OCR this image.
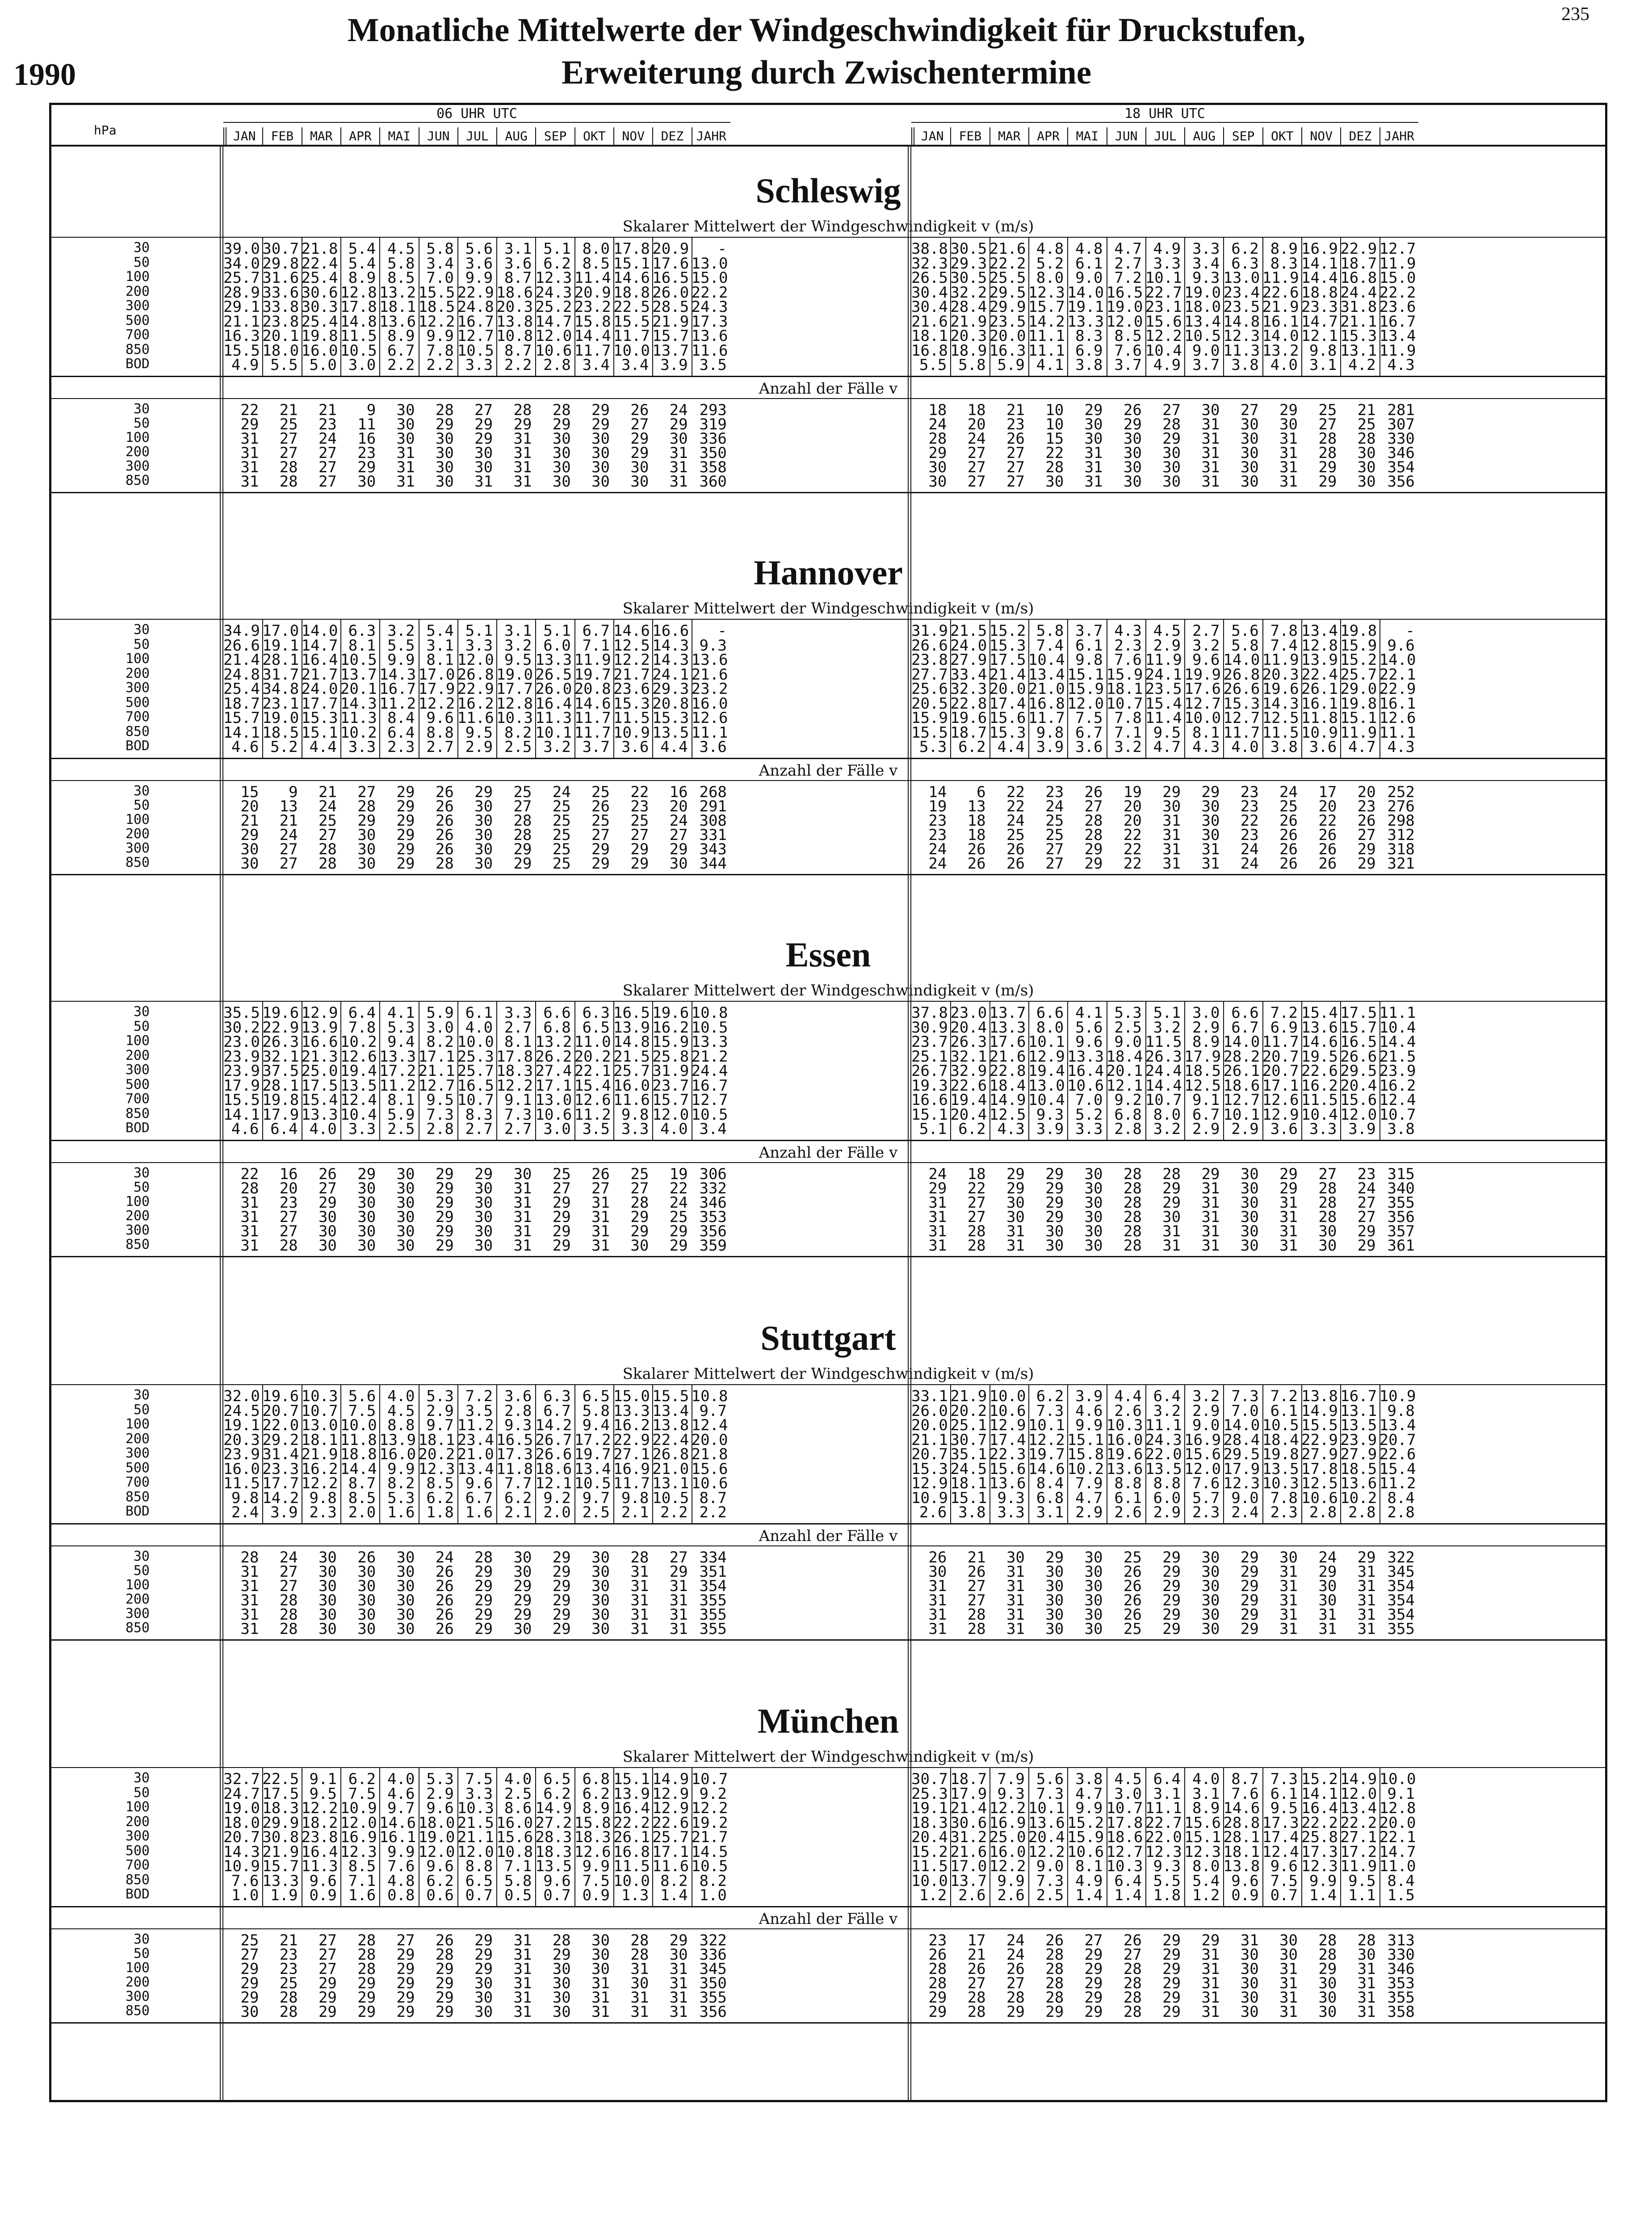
235
1990
Monatliche Mittelwerte der Windgeschwindigkeit für Druckstufen,
Erweiterung durch Zwischentermine
hPa
06 UHR UTC	18 UHR UTC
JAN	JAN
FEB	FEB
MAR	MAR
APR	APR
MAI	MAI
JUN	JUN
JUL	JUL
AUG	AUG
SEP	SEP
OKT	OKT
NOV	NOV
DEZ	DEZ
JAHR	JAHR
Schleswig
Skalarer Mittelwert der Windgeschwindigkeit v (m/s)
30	39.0 30.7 21.8 5.4 4.5 5.8 5.6 3.1 5.1 8.0 17.8 20.9	-	38.8 30.5 21.6 4.8 4.8 4.7 4.9 3.3 6.2 8.9 16.9 22.9 12.7
50	34.0 29.8 22.4 5.4 5.8 3.4 3.6 3.6 6.2 8.5 15.1 17.6 13.0	32.3 29.3 22.2 5.2 6.1 2.7 3.3 3.4 6.3 8.3 14.1 18.7 11.9
100	25.7 31.6 25.4 8.9 8.5 7.0 9.9 8.7 12.3 11.4 14.6 16.5 15.0	26.5 30.5 25.5 8.0 9.0 7.2 10.1 9.3 13.0 11.9 14.4 16.8 15.0
200	28.9 33.6 30.6 12.8 13.2 15.5 22.9 18.6 24.3 20.9 18.8 26.0 22.2	30.4 32.2 29.5 12.3 14.0 16.5 22.7 19.0 23.4 22.6 18.8 24.4 22.2
300	29.1 33.8 30.3 17.8 18.1 18.5 24.8 20.3 25.2 23.2 22.5 28.5 24.3	30.4 28.4 29.9 15.7 19.1 19.0 23.1 18.0 23.5 21.9 23.3 31.8 23.6
500	21.1 23.8 25.4 14.8 13.6 12.2 16.7 13.8 14.7 15.8 15.5 21.9 17.3	21.6 21.9 23.5 14.2 13.3 12.0 15.6 13.4 14.8 16.1 14.7 21.1 16.7
700	16.3 20.1 19.8 11.5 8.9 9.9 12.7 10.8 12.0 14.4 11.7 15.7 13.6	18.1 20.3 20.0 11.1 8.3 8.5 12.2 10.5 12.3 14.0 12.1 15.3 13.4
850	15.5 18.0 16.0 10.5 6.7 7.8 10.5 8.7 10.6 11.7 10.0 13.7 11.6	16.8 18.9 16.3 11.1 6.9 7.6 10.4 9.0 11.3 13.2 9.8 13.1 11.9
BOD	4.9 5.5 5.0 3.0 2.2 2.2 3.3 2.2 2.8 3.4 3.4 3.9 3.5	5.5 5.8 5.9 4.1 3.8 3.7 4.9 3.7 3.8 4.0 3.1 4.2 4.3
Anzahl der Fälle v
30	22	21	21	9	30	28	27	28	28	29	26	24 293	18	18	21	10	29	26	27	30	27	29	25	21 281
50	29	25	23	11	30	29	29	29	29	29	27	29 319	24	20	23	10	30	29	28	31	30	30	27	25 307
100	31	27	24	16	30	30	29	31	30	30	29	30 336	28	24	26	15	30	30	29	31	30	31	28	28 330
200	31	27	27	23	31	30	30	31	30	30	29	31 350	29	27	27	22	31	30	30	31	30	31	28	30 346
300	31	28	27	29	31	30	30	31	30	30	30	31 358	30	27	27	28	31	30	30	31	30	31	29	30 354
850	31	28	27	30	31	30	31	31	30	30	30	31 360	30	27	27	30	31	30	30	31	30	31	29	30 356
Hannover
Skalarer Mittelwert der Windgeschwindigkeit v (m/s)
30	34.9 17.0 14.0 6.3 3.2 5.4 5.1 3.1 5.1 6.7 14.6 16.6	-	31.9 21.5 15.2 5.8 3.7 4.3 4.5 2.7 5.6 7.8 13.4 19.8	-
50	26.6 19.1 14.7 8.1 5.5 3.1 3.3 3.2 6.0 7.1 12.5 14.3 9.3	26.6 24.0 15.3 7.4 6.1 2.3 2.9 3.2 5.8 7.4 12.8 15.9 9.6
100	21.4 28.1 16.4 10.5 9.9 8.1 12.0 9.5 13.3 11.9 12.2 14.3 13.6	23.8 27.9 17.5 10.4 9.8 7.6 11.9 9.6 14.0 11.9 13.9 15.2 14.0
200	24.8 31.7 21.7 13.7 14.3 17.0 26.8 19.0 26.5 19.7 21.7 24.1 21.6	27.7 33.4 21.4 13.4 15.1 15.9 24.1 19.9 26.8 20.3 22.4 25.7 22.1
300	25.4 34.8 24.0 20.1 16.7 17.9 22.9 17.7 26.0 20.8 23.6 29.3 23.2	25.6 32.3 20.0 21.0 15.9 18.1 23.5 17.6 26.6 19.6 26.1 29.0 22.9
500	18.7 23.1 17.7 14.3 11.2 12.2 16.2 12.8 16.4 14.6 15.3 20.8 16.0	20.5 22.8 17.4 16.8 12.0 10.7 15.4 12.7 15.3 14.3 16.1 19.8 16.1
700	15.7 19.0 15.3 11.3 8.4 9.6 11.6 10.3 11.3 11.7 11.5 15.3 12.6	15.9 19.6 15.6 11.7 7.5 7.8 11.4 10.0 12.7 12.5 11.8 15.1 12.6
850	14.1 18.5 15.1 10.2 6.4 8.8 9.5 8.2 10.1 11.7 10.9 13.5 11.1	15.5 18.7 15.3 9.8 6.7 7.1 9.5 8.1 11.7 11.5 10.9 11.9 11.1
BOD	4.6 5.2 4.4 3.3 2.3 2.7 2.9 2.5 3.2 3.7 3.6 4.4 3.6	5.3 6.2 4.4 3.9 3.6 3.2 4.7 4.3 4.0 3.8 3.6 4.7 4.3
Anzahl der Fälle v
30	15	9	21	27	29	26	29	25	24	25	22	16 268	14	6	22	23	26	19	29	29	23	24	17	20 252
50	20	13	24	28	29	26	30	27	25	26	23	20 291	19	13	22	24	27	20	30	30	23	25	20	23 276
100	21	21	25	29	29	26	30	28	25	25	25	24 308	23	18	24	25	28	20	31	30	22	26	22	26 298
200	29	24	27	30	29	26	30	28	25	27	27	27 331	23	18	25	25	28	22	31	30	23	26	26	27 312
300	30	27	28	30	29	26	30	29	25	29	29	29 343	24	26	26	27	29	22	31	31	24	26	26	29 318
850	30	27	28	30	29	28	30	29	25	29	29	30 344	24	26	26	27	29	22	31	31	24	26	26	29 321
Essen
Skalarer Mittelwert der Windgeschwindigkeit v (m/s)
30	35.5 19.6 12.9 6.4 4.1 5.9 6.1 3.3 6.6 6.3 16.5 19.6 10.8	37.8 23.0 13.7 6.6 4.1 5.3 5.1 3.0 6.6 7.2 15.4 17.5 11.1
50	30.2 22.9 13.9 7.8 5.3 3.0 4.0 2.7 6.8 6.5 13.9 16.2 10.5	30.9 20.4 13.3 8.0 5.6 2.5 3.2 2.9 6.7 6.9 13.6 15.7 10.4
100	23.0 26.3 16.6 10.2 9.4 8.2 10.0 8.1 13.2 11.0 14.8 15.9 13.3	23.7 26.3 17.6 10.1 9.6 9.0 11.5 8.9 14.0 11.7 14.6 16.5 14.4
200	23.9 32.1 21.3 12.6 13.3 17.1 25.3 17.8 26.2 20.2 21.5 25.8 21.2	25.1 32.1 21.6 12.9 13.3 18.4 26.3 17.9 28.2 20.7 19.5 26.6 21.5
300	23.9 37.5 25.0 19.4 17.2 21.1 25.7 18.3 27.4 22.1 25.7 31.9 24.4	26.7 32.9 22.8 19.4 16.4 20.1 24.4 18.5 26.1 20.7 22.6 29.5 23.9
500	17.9 28.1 17.5 13.5 11.2 12.7 16.5 12.2 17.1 15.4 16.0 23.7 16.7	19.3 22.6 18.4 13.0 10.6 12.1 14.4 12.5 18.6 17.1 16.2 20.4 16.2
700	15.5 19.8 15.4 12.4 8.1 9.5 10.7 9.1 13.0 12.6 11.6 15.7 12.7	16.6 19.4 14.9 10.4 7.0 9.2 10.7 9.1 12.7 12.6 11.5 15.6 12.4
850	14.1 17.9 13.3 10.4 5.9 7.3 8.3 7.3 10.6 11.2 9.8 12.0 10.5	15.1 20.4 12.5 9.3 5.2 6.8 8.0 6.7 10.1 12.9 10.4 12.0 10.7
BOD	4.6 6.4 4.0 3.3 2.5 2.8 2.7 2.7 3.0 3.5 3.3 4.0 3.4	5.1 6.2 4.3 3.9 3.3 2.8 3.2 2.9 2.9 3.6 3.3 3.9 3.8
Anzahl der Fälle v
30	22	16	26	29	30	29	29	30	25	26	25	19 306	24	18	29	29	30	28	28	29	30	29	27	23 315
50	28	20	27	30	30	29	30	31	27	27	27	22 332	29	22	29	29	30	28	29	31	30	29	28	24 340
100	31	23	29	30	30	29	30	31	29	31	28	24 346	31	27	30	29	30	28	29	31	30	31	28	27 355
200	31	27	30	30	30	29	30	31	29	31	29	25 353	31	27	30	29	30	28	30	31	30	31	28	27 356
300	31	27	30	30	30	29	30	31	29	31	29	29 356	31	28	31	30	30	28	31	31	30	31	30	29 357
850	31	28	30	30	30	29	30	31	29	31	30	29 359	31	28	31	30	30	28	31	31	30	31	30	29 361
Stuttgart
Skalarer Mittelwert der Windgeschwindigkeit v (m/s)
30	32.0 19.6 10.3 5.6 4.0 5.3 7.2 3.6 6.3 6.5 15.0 15.5 10.8	33.1 21.9 10.0 6.2 3.9 4.4 6.4 3.2 7.3 7.2 13.8 16.7 10.9
50	24.5 20.7 10.7 7.5 4.5 2.9 3.5 2.8 6.7 5.8 13.3 13.4 9.7	26.0 20.2 10.6 7.3 4.6 2.6 3.2 2.9 7.0 6.1 14.9 13.1 9.8
100	19.1 22.0 13.0 10.0 8.8 9.7 11.2 9.3 14.2 9.4 16.2 13.8 12.4	20.0 25.1 12.9 10.1 9.9 10.3 11.1 9.0 14.0 10.5 15.5 13.5 13.4
200	20.3 29.2 18.1 11.8 13.9 18.1 23.4 16.5 26.7 17.2 22.9 22.4 20.0	21.1 30.7 17.4 12.2 15.1 16.0 24.3 16.9 28.4 18.4 22.9 23.9 20.7
300	23.9 31.4 21.9 18.8 16.0 20.2 21.0 17.3 26.6 19.7 27.1 26.8 21.8	20.7 35.1 22.3 19.7 15.8 19.6 22.0 15.6 29.5 19.8 27.9 27.9 22.6
500	16.0 23.3 16.2 14.4 9.9 12.3 13.4 11.8 18.6 13.4 16.9 21.0 15.6	15.3 24.5 15.6 14.6 10.2 13.6 13.5 12.0 17.9 13.5 17.8 18.5 15.4
700	11.5 17.7 12.2 8.7 8.2 8.5 9.6 7.7 12.1 10.5 11.7 13.1 10.6	12.9 18.1 13.6 8.4 7.9 8.8 8.8 7.6 12.3 10.3 12.5 13.6 11.2
850	9.8 14.2 9.8 8.5 5.3 6.2 6.7 6.2 9.2 9.7 9.8 10.5 8.7	10.9 15.1 9.3 6.8 4.7 6.1 6.0 5.7 9.0 7.8 10.6 10.2 8.4
BOD	2.4 3.9 2.3 2.0 1.6 1.8 1.6 2.1 2.0 2.5 2.1 2.2 2.2	2.6 3.8 3.3 3.1 2.9 2.6 2.9 2.3 2.4 2.3 2.8 2.8 2.8
Anzahl der Fälle v
30	28	24	30	26	30	24	28	30	29	30	28	27 334	26	21	30	29	30	25	29	30	29	30	24	29 322
50	31	27	30	30	30	26	29	30	29	30	31	29 351	30	26	31	30	30	26	29	30	29	31	29	31 345
100	31	27	30	30	30	26	29	29	29	30	31	31 354	31	27	31	30	30	26	29	30	29	31	30	31 354
200	31	28	30	30	30	26	29	29	29	30	31	31 355	31	27	31	30	30	26	29	30	29	31	30	31 354
300	31	28	30	30	30	26	29	29	29	30	31	31 355	31	28	31	30	30	26	29	30	29	31	31	31 354
850	31	28	30	30	30	26	29	30	29	30	31	31 355	31	28	31	30	30	25	29	30	29	31	31	31 355
München
Skalarer Mittelwert der Windgeschwindigkeit v (m/s)
30	32.7 22.5 9.1 6.2 4.0 5.3 7.5 4.0 6.5 6.8 15.1 14.9 10.7	30.7 18.7 7.9 5.6 3.8 4.5 6.4 4.0 8.7 7.3 15.2 14.9 10.0
50	24.7 17.5 9.5 7.5 4.6 2.9 3.3 2.5 6.2 6.2 13.9 12.9 9.2	25.3 17.9 9.3 7.3 4.7 3.0 3.1 3.1 7.6 6.1 14.1 12.0 9.1
100	19.0 18.3 12.2 10.9 9.7 9.6 10.3 8.6 14.9 8.9 16.4 12.9 12.2	19.1 21.4 12.2 10.1 9.9 10.7 11.1 8.9 14.6 9.5 16.4 13.4 12.8
200	18.0 29.9 18.2 12.0 14.6 18.0 21.5 16.0 27.2 15.8 22.2 22.6 19.2	18.3 30.6 16.9 13.6 15.2 17.8 22.7 15.6 28.8 17.3 22.2 22.2 20.0
300	20.7 30.8 23.8 16.9 16.1 19.0 21.1 15.6 28.3 18.3 26.1 25.7 21.7	20.4 31.2 25.0 20.4 15.9 18.6 22.0 15.1 28.1 17.4 25.8 27.1 22.1
500	14.3 21.9 16.4 12.3 9.9 12.0 12.0 10.8 18.3 12.6 16.8 17.1 14.5	15.2 21.6 16.0 12.2 10.6 12.7 12.3 12.3 18.1 12.4 17.3 17.2 14.7
700	10.9 15.7 11.3 8.5 7.6 9.6 8.8 7.1 13.5 9.9 11.5 11.6 10.5	11.5 17.0 12.2 9.0 8.1 10.3 9.3 8.0 13.8 9.6 12.3 11.9 11.0
850	7.6 13.3 9.6 7.1 4.8 6.2 6.5 5.8 9.6 7.5 10.0 8.2 8.2	10.0 13.7 9.9 7.3 4.9 6.4 5.5 5.4 9.6 7.5 9.9 9.5 8.4
BOD	1.0 1.9 0.9 1.6 0.8 0.6 0.7 0.5 0.7 0.9 1.3 1.4 1.0	1.2 2.6 2.6 2.5 1.4 1.4 1.8 1.2 0.9 0.7 1.4 1.1 1.5
Anzahl der Fälle v
30	25	21	27	28	27	26	29	31	28	30	28	29 322	23	17	24	26	27	26	29	29	31	30	28	28 313
50	27	23	27	28	29	28	29	31	29	30	28	30 336	26	21	24	28	29	27	29	31	30	30	28	30 330
100	29	23	27	28	29	29	29	31	30	30	31	31 345	28	26	26	28	29	28	29	31	30	31	29	31 346
200	29	25	29	29	29	29	30	31	30	31	30	31 350	28	27	27	28	29	28	29	31	30	31	30	31 353
300	29	28	29	29	29	29	30	31	30	31	31	31 355	29	28	28	28	29	28	29	31	30	31	30	31 355
850	30	28	29	29	29	29	30	31	30	31	31	31 356	29	28	29	29	29	28	29	31	30	31	30	31 358
